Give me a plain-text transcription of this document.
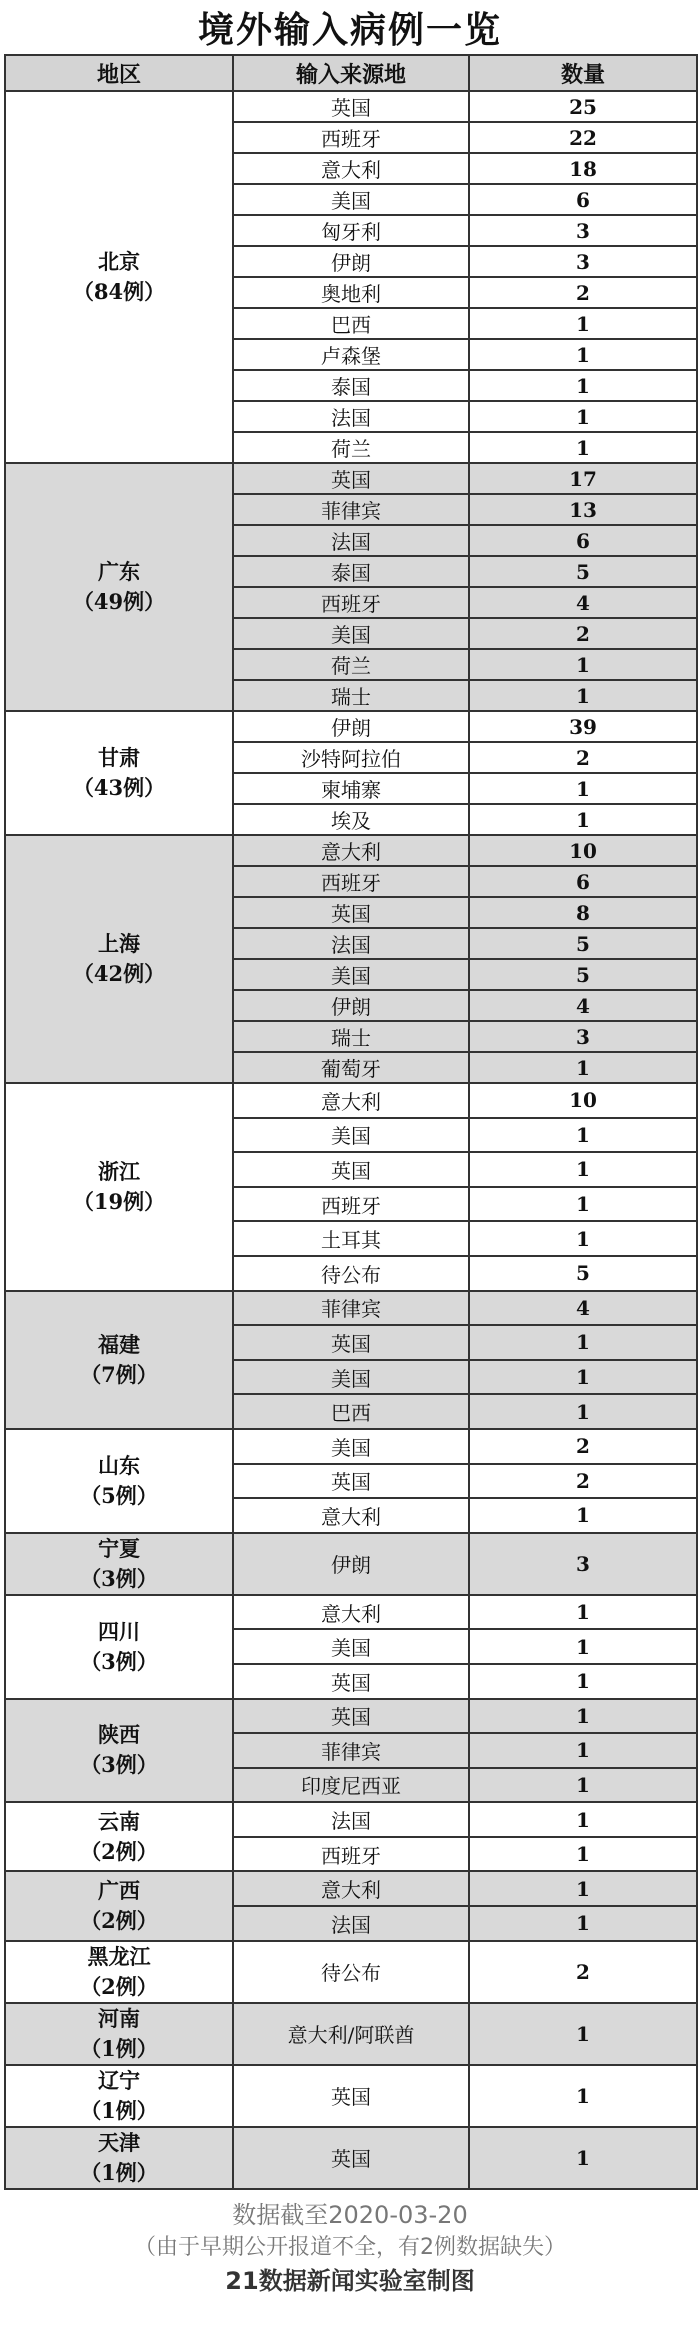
境外输入病例一览
地区	输入来源地	数量

北京
（84例）	英国	25
	西班牙	22
	意大利	18
	美国	6
	匈牙利	3
	伊朗	3
	奥地利	2
	巴西	1
	卢森堡	1
	泰国	1
	法国	1
	荷兰	1

广东
（49例）	英国	17
	菲律宾	13
	法国	6
	泰国	5
	西班牙	4
	美国	2
	荷兰	1
	瑞士	1

甘肃
（43例）	伊朗	39
	沙特阿拉伯	2
	柬埔寨	1
	埃及	1

上海
（42例）	意大利	10
	西班牙	6
	英国	8
	法国	5
	美国	5
	伊朗	4
	瑞士	3
	葡萄牙	1

浙江
（19例）	意大利	10
	美国	1
	英国	1
	西班牙	1
	土耳其	1
	待公布	5

福建
（7例）	菲律宾	4
	英国	1
	美国	1
	巴西	1

山东
（5例）	美国	2
	英国	2
	意大利	1

宁夏
（3例）	伊朗	3

四川
（3例）	意大利	1
	美国	1
	英国	1

陕西
（3例）	英国	1
	菲律宾	1
	印度尼西亚	1

云南
（2例）	法国	1
	西班牙	1

广西
（2例）	意大利	1
	法国	1

黑龙江
（2例）	待公布	2

河南
（1例）	意大利/阿联酋	1

辽宁
（1例）	英国	1

天津
（1例）	英国	1
数据截至2020-03-20
（由于早期公开报道不全，有2例数据缺失）
21数据新闻实验室制图
